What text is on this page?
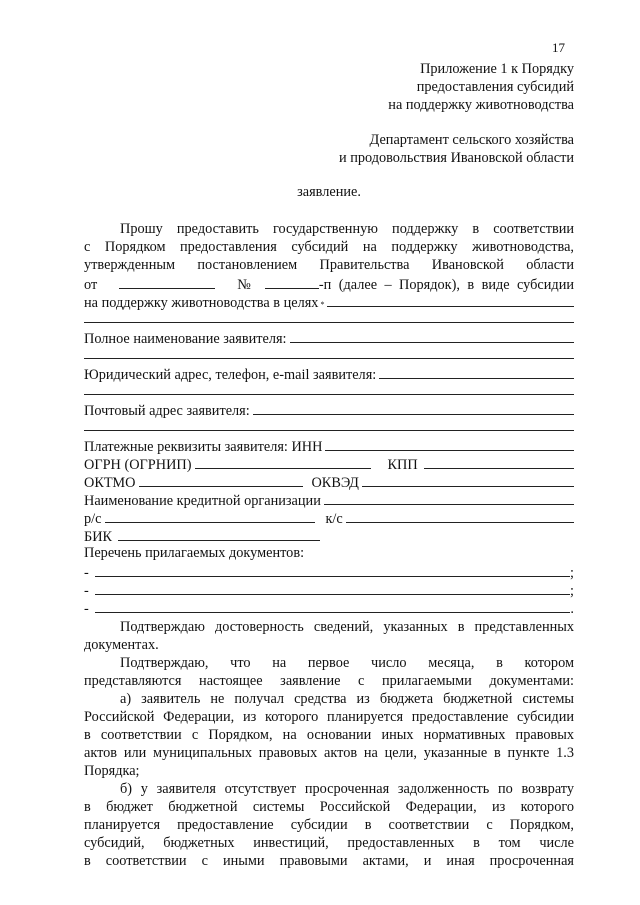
17
Приложение 1 к Порядку
предоставления субсидий
на поддержку животноводства
Департамент сельского хозяйства
и продовольствия Ивановской области
заявление.
Прошу предоставить государственную поддержку в соответствии
с Порядком предоставления субсидий на поддержку животноводства,
утвержденным постановлением Правительства Ивановской области
от	№	-п (далее – Порядок), в виде субсидии
на поддержку животноводства в целях *
Полное наименование заявителя:
Юридический адрес, телефон, e-mail заявителя:
Почтовый адрес заявителя:
Платежные реквизиты заявителя: ИНН
ОГРН (ОГРНИП)	КПП
ОКТМО	ОКВЭД
Наименование кредитной организации
р/с	к/с
БИК
Перечень прилагаемых документов:
-	;
-	;
-	.
Подтверждаю достоверность сведений, указанных в представленных
документах.
Подтверждаю, что на первое число месяца, в котором
представляются настоящее заявление с прилагаемыми документами:
а) заявитель не получал средства из бюджета бюджетной системы
Российской Федерации, из которого планируется предоставление субсидии
в соответствии с Порядком, на основании иных нормативных правовых
актов или муниципальных правовых актов на цели, указанные в пункте 1.3
Порядка;
б) у заявителя отсутствует просроченная задолженность по возврату
в бюджет бюджетной системы Российской Федерации, из которого
планируется предоставление субсидии в соответствии с Порядком,
субсидий, бюджетных инвестиций, предоставленных в том числе
в соответствии с иными правовыми актами, и иная просроченная
